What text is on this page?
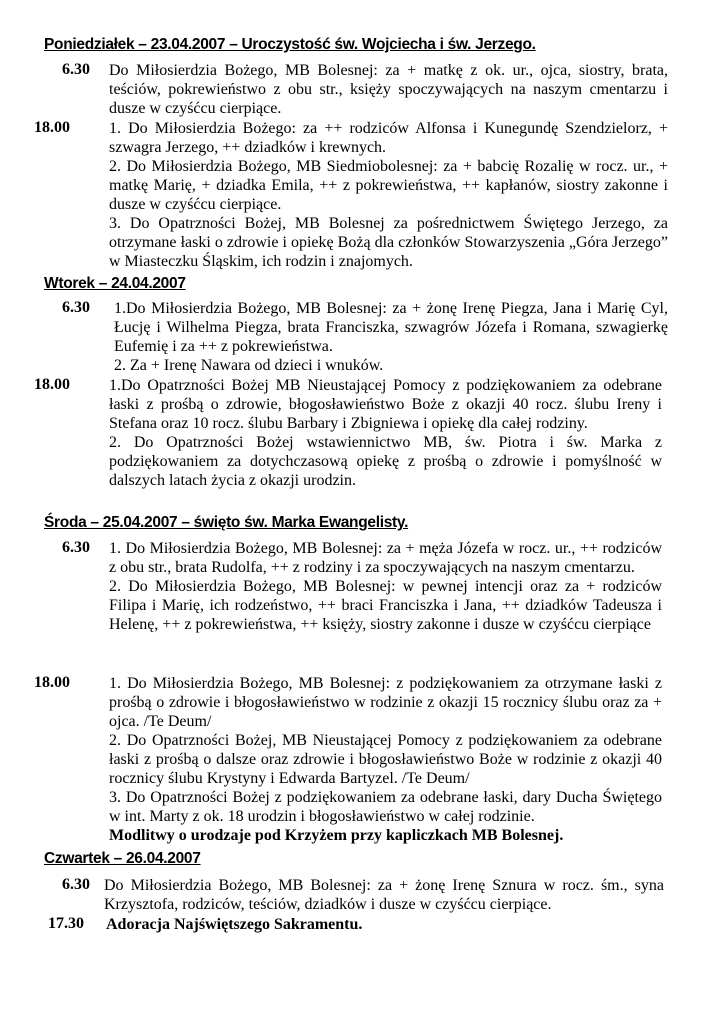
Poniedziałek – 23.04.2007 – Uroczystość św. Wojciecha i św. Jerzego.
6.30 Do Miłosierdzia Bożego, MB Bolesnej: za + matkę z ok. ur., ojca, siostry, brata, teściów, pokrewieństwo z obu str., księży spoczywających na naszym cmentarzu i dusze w czyśćcu cierpiące.

18.00 1. Do Miłosierdzia Bożego: za ++ rodziców Alfonsa i Kunegundę Szendzielorz, + szwagra Jerzego, ++ dziadków i krewnych.

2. Do Miłosierdzia Bożego, MB Siedmiobolesnej: za + babcię Rozalię w rocz. ur., + matkę Marię, + dziadka Emila, ++ z pokrewieństwa, ++ kapłanów, siostry zakonne i dusze w czyśćcu cierpiące.

3. Do Opatrzności Bożej, MB Bolesnej za pośrednictwem Świętego Jerzego, za otrzymane łaski o zdrowie i opiekę Bożą dla członków Stowarzyszenia „Góra Jerzego” w Miasteczku Śląskim, ich rodzin i znajomych.

Wtorek – 24.04.2007
6.30 1.Do Miłosierdzia Bożego, MB Bolesnej: za + żonę Irenę Piegza, Jana i Marię Cyl, Łucję i Wilhelma Piegza, brata Franciszka, szwagrów Józefa i Romana, szwagierkę Eufemię i za ++ z pokrewieństwa.

2. Za + Irenę Nawara od dzieci i wnuków.

18.00 1.Do Opatrzności Bożej MB Nieustającej Pomocy z podziękowaniem za odebrane łaski z prośbą o zdrowie, błogosławieństwo Boże z okazji 40 rocz. ślubu Ireny i Stefana oraz 10 rocz. ślubu Barbary i Zbigniewa i opiekę dla całej rodziny.

2. Do Opatrzności Bożej wstawiennictwo MB, św. Piotra i św. Marka z podziękowaniem za dotychczasową opiekę z prośbą o zdrowie i pomyślność w dalszych latach życia z okazji urodzin.

Środa – 25.04.2007 – święto św. Marka Ewangelisty.
6.30 1. Do Miłosierdzia Bożego, MB Bolesnej: za + męża Józefa w rocz. ur., ++ rodziców z obu str., brata Rudolfa, ++ z rodziny i za spoczywających na naszym cmentarzu.

2. Do Miłosierdzia Bożego, MB Bolesnej: w pewnej intencji oraz za + rodziców Filipa i Marię, ich rodzeństwo, ++ braci Franciszka i Jana, ++ dziadków Tadeusza i Helenę, ++ z pokrewieństwa, ++ księży, siostry zakonne i dusze w czyśćcu cierpiące

18.00 1. Do Miłosierdzia Bożego, MB Bolesnej: z podziękowaniem za otrzymane łaski z prośbą o zdrowie i błogosławieństwo w rodzinie z okazji 15 rocznicy ślubu oraz za + ojca. /Te Deum/

2. Do Opatrzności Bożej, MB Nieustającej Pomocy z podziękowaniem za odebrane łaski z prośbą o dalsze oraz zdrowie i błogosławieństwo Boże w rodzinie z okazji 40 rocznicy ślubu Krystyny i Edwarda Bartyzel. /Te Deum/

3. Do Opatrzności Bożej z podziękowaniem za odebrane łaski, dary Ducha Świętego w int. Marty z ok. 18 urodzin i błogosławieństwo w całej rodzinie.

Modlitwy o urodzaje pod Krzyżem przy kapliczkach MB Bolesnej.

Czwartek – 26.04.2007
6.30 Do Miłosierdzia Bożego, MB Bolesnej: za + żonę Irenę Sznura w rocz. śm., syna Krzysztofa, rodziców, teściów, dziadków i dusze w czyśćcu cierpiące.

17.30 Adoracja Najświętszego Sakramentu.
